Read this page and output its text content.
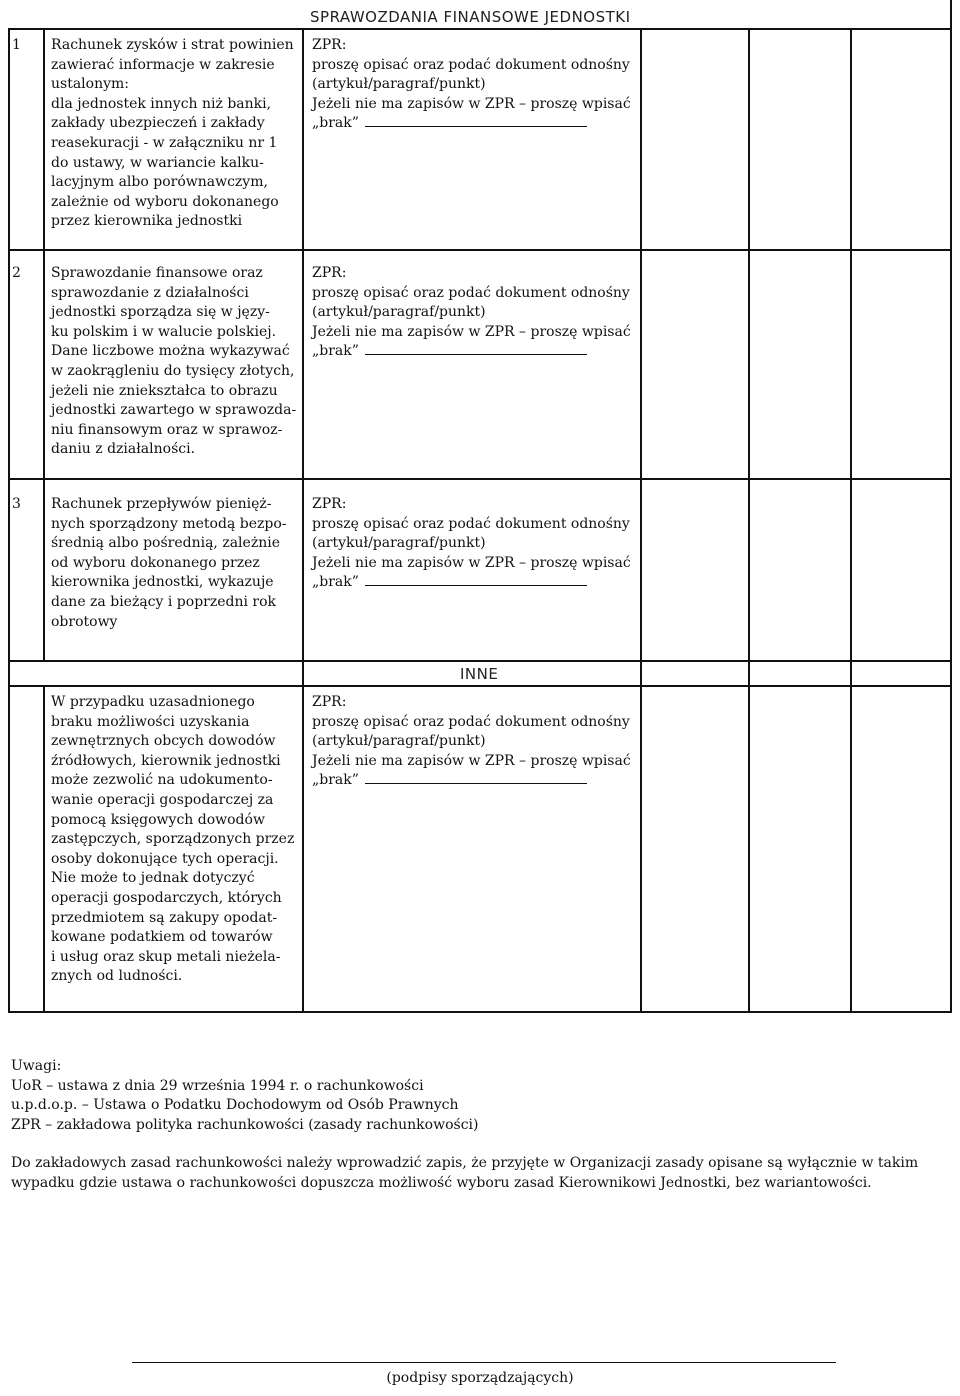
SPRAWOZDANIA FINANSOWE JEDNOSTKI
INNE
1 Rachunek zysków i strat powinien
zawierać informacje w zakresie
ustalonym:
dla jednostek innych niż banki,
zakłady ubezpieczeń i zakłady
reasekuracji - w załączniku nr 1
do ustawy, w wariancie kalku-
lacyjnym albo porównawczym,
zależnie od wyboru dokonanego
przez kierownika jednostki
ZPR:
proszę opisać oraz podać dokument odnośny
(artykuł/paragraf/punkt)
Jeżeli nie ma zapisów w ZPR – proszę wpisać
„brak”
2 Sprawozdanie finansowe oraz
sprawozdanie z działalności
jednostki sporządza się w języ-
ku polskim i w walucie polskiej.
Dane liczbowe można wykazywać
w zaokrągleniu do tysięcy złotych,
jeżeli nie zniekształca to obrazu
jednostki zawartego w sprawozda-
niu finansowym oraz w sprawoz-
daniu z działalności.
ZPR:
proszę opisać oraz podać dokument odnośny
(artykuł/paragraf/punkt)
Jeżeli nie ma zapisów w ZPR – proszę wpisać
„brak”
3 Rachunek przepływów pienięż-
nych sporządzony metodą bezpo-
średnią albo pośrednią, zależnie
od wyboru dokonanego przez
kierownika jednostki, wykazuje
dane za bieżący i poprzedni rok
obrotowy
ZPR:
proszę opisać oraz podać dokument odnośny
(artykuł/paragraf/punkt)
Jeżeli nie ma zapisów w ZPR – proszę wpisać
„brak”
W przypadku uzasadnionego
braku możliwości uzyskania
zewnętrznych obcych dowodów
źródłowych, kierownik jednostki
może zezwolić na udokumento-
wanie operacji gospodarczej za
pomocą księgowych dowodów
zastępczych, sporządzonych przez
osoby dokonujące tych operacji.
Nie może to jednak dotyczyć
operacji gospodarczych, których
przedmiotem są zakupy opodat-
kowane podatkiem od towarów
i usług oraz skup metali nieżela-
znych od ludności.
ZPR:
proszę opisać oraz podać dokument odnośny
(artykuł/paragraf/punkt)
Jeżeli nie ma zapisów w ZPR – proszę wpisać
„brak”
Uwagi:
UoR – ustawa z dnia 29 września 1994 r. o rachunkowości
u.p.d.o.p. – Ustawa o Podatku Dochodowym od Osób Prawnych
ZPR – zakładowa polityka rachunkowości (zasady rachunkowości)
Do zakładowych zasad rachunkowości należy wprowadzić zapis, że przyjęte w Organizacji zasady opisane są wyłącznie w takim wypadku gdzie ustawa o rachunkowości dopuszcza możliwość wyboru zasad Kierownikowi Jednostki, bez wariantowości.
(podpisy sporządzających)
